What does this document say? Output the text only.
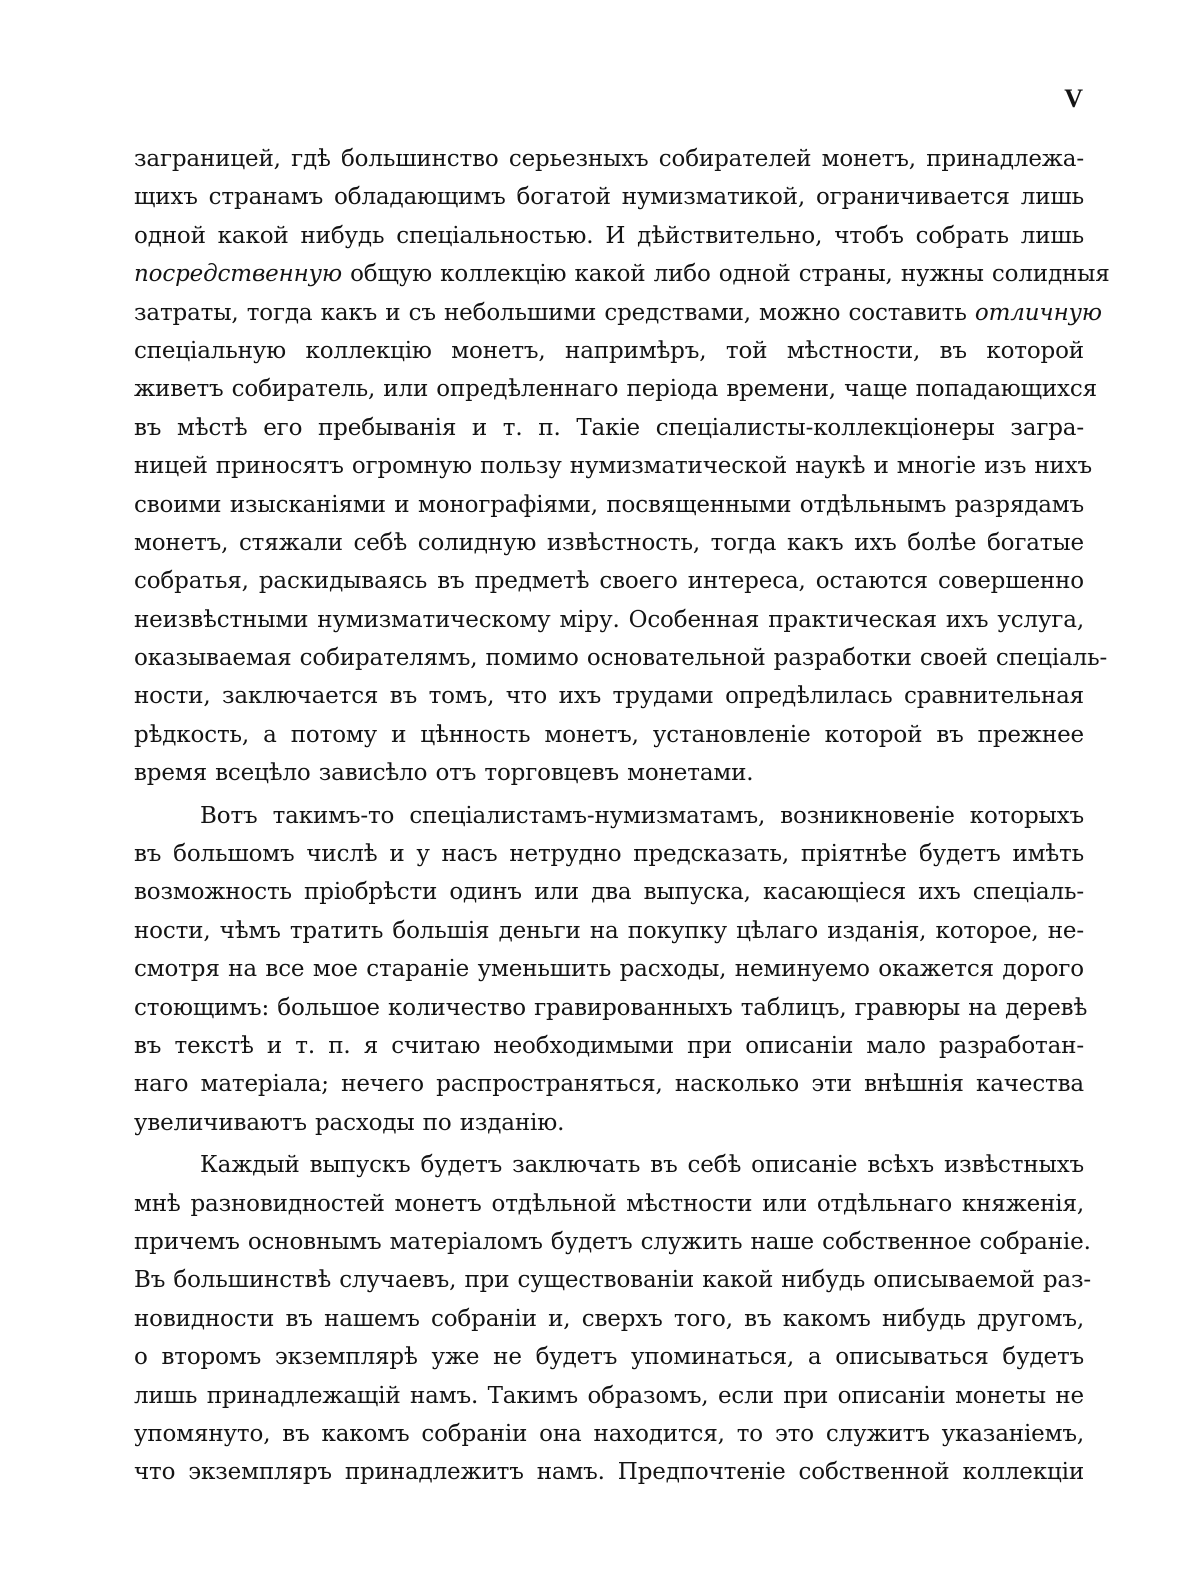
V
заграницей, гдѣ большинство серьезныхъ собирателей монетъ, принадлежа-
щихъ странамъ обладающимъ богатой нумизматикой, ограничивается лишь
одной какой нибудь спеціальностью. И дѣйствительно, чтобъ собрать лишь
посредственную общую коллекцію какой либо одной страны, нужны солидныя
затраты, тогда какъ и съ небольшими средствами, можно составить отличную
спеціальную коллекцію монетъ, напримѣръ, той мѣстности, въ которой
живетъ собиратель, или опредѣленнаго періода времени, чаще попадающихся
въ мѣстѣ его пребыванія и т. п. Такіе спеціалисты-коллекціонеры загра-
ницей приносятъ огромную пользу нумизматической наукѣ и многіе изъ нихъ
своими изысканіями и монографіями, посвященными отдѣльнымъ разрядамъ
монетъ, стяжали себѣ солидную извѣстность, тогда какъ ихъ болѣе богатые
собратья, раскидываясь въ предметѣ своего интереса, остаются совершенно
неизвѣстными нумизматическому міру. Особенная практическая ихъ услуга,
оказываемая собирателямъ, помимо основательной разработки своей спеціаль-
ности, заключается въ томъ, что ихъ трудами опредѣлилась сравнительная
рѣдкость, а потому и цѣнность монетъ, установленіе которой въ прежнее
время всецѣло зависѣло отъ торговцевъ монетами.
Вотъ такимъ-то спеціалистамъ-нумизматамъ, возникновеніе которыхъ
въ большомъ числѣ и у насъ нетрудно предсказать, пріятнѣе будетъ имѣть
возможность пріобрѣсти одинъ или два выпуска, касающіеся ихъ спеціаль-
ности, чѣмъ тратить большія деньги на покупку цѣлаго изданія, которое, не-
смотря на все мое стараніе уменьшить расходы, неминуемо окажется дорого
стоющимъ: большое количество гравированныхъ таблицъ, гравюры на деревѣ
въ текстѣ и т. п. я считаю необходимыми при описаніи мало разработан-
наго матеріала; нечего распространяться, насколько эти внѣшнія качества
увеличиваютъ расходы по изданію.
Каждый выпускъ будетъ заключать въ себѣ описаніе всѣхъ извѣстныхъ
мнѣ разновидностей монетъ отдѣльной мѣстности или отдѣльнаго княженія,
причемъ основнымъ матеріаломъ будетъ служить наше собственное собраніе.
Въ большинствѣ случаевъ, при существованіи какой нибудь описываемой раз-
новидности въ нашемъ собраніи и, сверхъ того, въ какомъ нибудь другомъ,
о второмъ экземплярѣ уже не будетъ упоминаться, а описываться будетъ
лишь принадлежащій намъ. Такимъ образомъ, если при описаніи монеты не
упомянуто, въ какомъ собраніи она находится, то это служитъ указаніемъ,
что экземпляръ принадлежитъ намъ. Предпочтеніе собственной коллекціи
